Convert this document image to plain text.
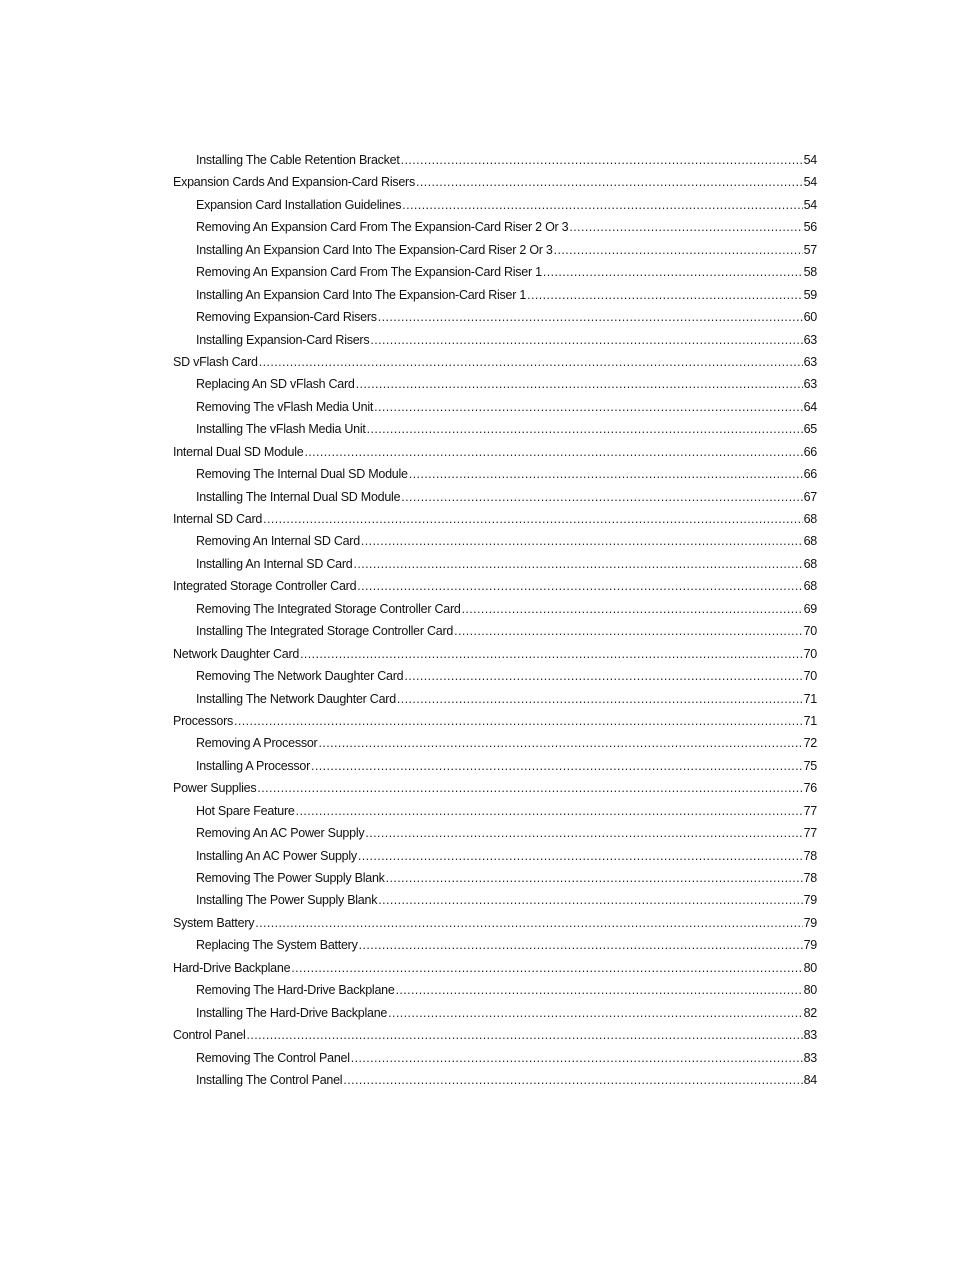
Installing The Cable Retention Bracket .....	54
Expansion Cards And Expansion-Card Risers .....	54
Expansion Card Installation Guidelines .....	54
Removing An Expansion Card From The Expansion-Card Riser 2 Or 3 .....	56
Installing An Expansion Card Into The Expansion-Card Riser 2 Or 3 .....	57
Removing An Expansion Card From The Expansion-Card Riser 1 .....	58
Installing An Expansion Card Into The Expansion-Card Riser 1 .....	59
Removing Expansion-Card Risers .....	60
Installing Expansion-Card Risers .....	63
SD vFlash Card .....	63
Replacing An SD vFlash Card .....	63
Removing The vFlash Media Unit .....	64
Installing The vFlash Media Unit .....	65
Internal Dual SD Module .....	66
Removing The Internal Dual SD Module .....	66
Installing The Internal Dual SD Module .....	67
Internal SD Card .....	68
Removing An Internal SD Card .....	68
Installing An Internal SD Card .....	68
Integrated Storage Controller Card .....	68
Removing The Integrated Storage Controller Card .....	69
Installing The Integrated Storage Controller Card .....	70
Network Daughter Card .....	70
Removing The Network Daughter Card .....	70
Installing The Network Daughter Card .....	71
Processors .....	71
Removing A Processor .....	72
Installing A Processor .....	75
Power Supplies .....	76
Hot Spare Feature .....	77
Removing An AC Power Supply .....	77
Installing An AC Power Supply .....	78
Removing The Power Supply Blank .....	78
Installing The Power Supply Blank .....	79
System Battery .....	79
Replacing The System Battery .....	79
Hard-Drive Backplane .....	80
Removing The Hard-Drive Backplane .....	80
Installing The Hard-Drive Backplane .....	82
Control Panel .....	83
Removing The Control Panel .....	83
Installing The Control Panel .....	84
